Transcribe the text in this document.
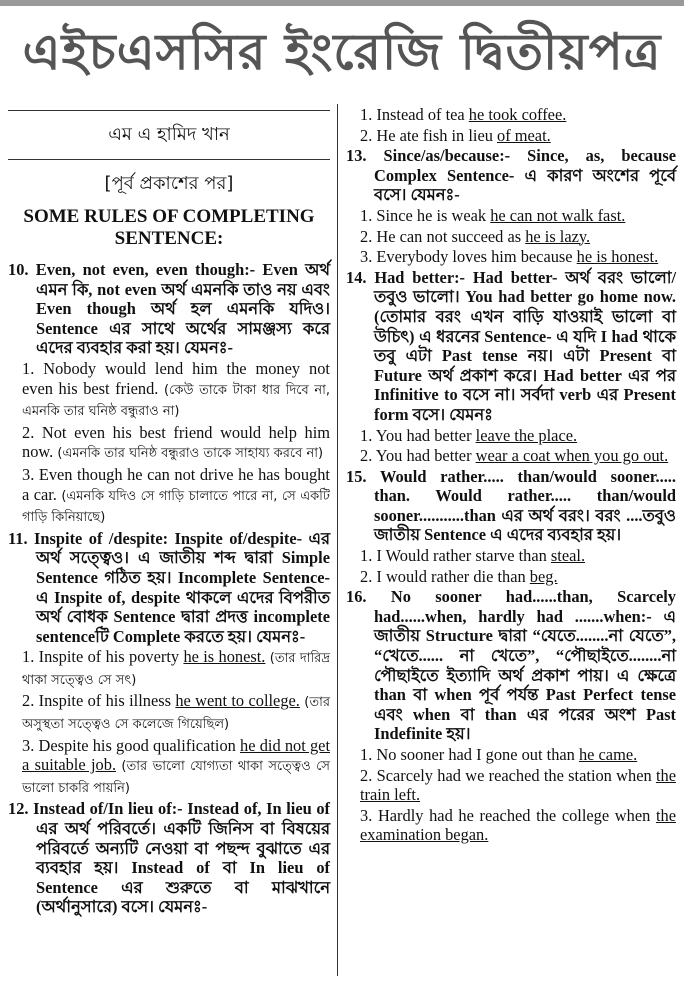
এইচএসসির ইংরেজি দ্বিতীয়পত্র
এম এ হামিদ খান
[পূর্ব প্রকাশের পর]
SOME RULES OF COMPLETING SENTENCE:

10. Even, not even, even though:- Even অর্থ এমন কি, not even অর্থ এমনকি তাও নয় এবং Even though অর্থ হল এমনকি যদিও। Sentence এর সাথে অর্থের সামঞ্জস্য করে এদের ব্যবহার করা হয়। যেমনঃ-

1. Nobody would lend him the money not even his best friend. (কেউ তাকে টাকা ধার দিবে না, এমনকি তার ঘনিষ্ঠ বন্ধুরাও না)

2. Not even his best friend would help him now. (এমনকি তার ঘনিষ্ঠ বন্ধুরাও তাকে সাহায্য করবে না)

3. Even though he can not drive he has bought a car. (এমনকি যদিও সে গাড়ি চালাতে পারে না, সে একটি গাড়ি কিনিয়াছে)

11. Inspite of /despite: Inspite of/despite- এর অর্থ সত্ত্বেও। এ জাতীয় শব্দ দ্বারা Simple Sentence গঠিত হয়। Incomplete Sentence- এ Inspite of, despite থাকলে এদের বিপরীত অর্থ বোধক Sentence দ্বারা প্রদত্ত incomplete sentenceটি Complete করতে হয়। যেমনঃ-

1. Inspite of his poverty he is honest. (তার দারিদ্র থাকা সত্ত্বেও সে সৎ)

2. Inspite of his illness he went to college. (তার অসুস্থতা সত্ত্বেও সে কলেজে গিয়েছিল)

3. Despite his good qualification he did not get a suitable job. (তার ভালো যোগ্যতা থাকা সত্ত্বেও সে ভালো চাকরি পায়নি)

12. Instead of/In lieu of:- Instead of, In lieu of এর অর্থ পরিবর্তে। একটি জিনিস বা বিষয়ের পরিবর্তে অন্যটি নেওয়া বা পছন্দ বুঝাতে এর ব্যবহার হয়। Instead of বা In lieu of Sentence এর শুরুতে বা মাঝখানে (অর্থানুসারে) বসে। যেমনঃ-

1. Instead of tea he took coffee.

2. He ate fish in lieu of meat.

13. Since/as/because:- Since, as, because Complex Sentence- এ কারণ অংশের পূর্বে বসে। যেমনঃ-

1. Since he is weak he can not walk fast.

2. He can not succeed as he is lazy.

3. Everybody loves him because he is honest.

14. Had better:- Had better- অর্থ বরং ভালো/তবুও ভালো। You had better go home now. (তোমার বরং এখন বাড়ি যাওয়াই ভালো বা উচিৎ) এ ধরনের Sentence- এ যদি I had থাকে তবু এটা Past tense নয়। এটা Present বা Future অর্থ প্রকাশ করে। Had better এর পর Infinitive to বসে না। সর্বদা verb এর Present form বসে। যেমনঃ

1. You had better leave the place.

2. You had better wear a coat when you go out.

15. Would rather..... than/would sooner..... than. Would rather..... than/would sooner...........than এর অর্থ বরং। বরং ....তবুও জাতীয় Sentence এ এদের ব্যবহার হয়।

1. I Would rather starve than steal.

2. I would rather die than beg.

16. No sooner had......than, Scarcely had......when, hardly had .......when:- এ জাতীয় Structure দ্বারা “যেতে........না যেতে”, “খেতে...... না খেতে”, “পৌছাইতে........না পৌছাইতে ইত্যাদি অর্থ প্রকাশ পায়। এ ক্ষেত্রে than বা when পূর্ব পর্যন্ত Past Perfect tense এবং when বা than এর পরের অংশ Past Indefinite হয়।

1. No sooner had I gone out than he came.

2. Scarcely had we reached the station when the train left.

3. Hardly had he reached the college when the examination began.
